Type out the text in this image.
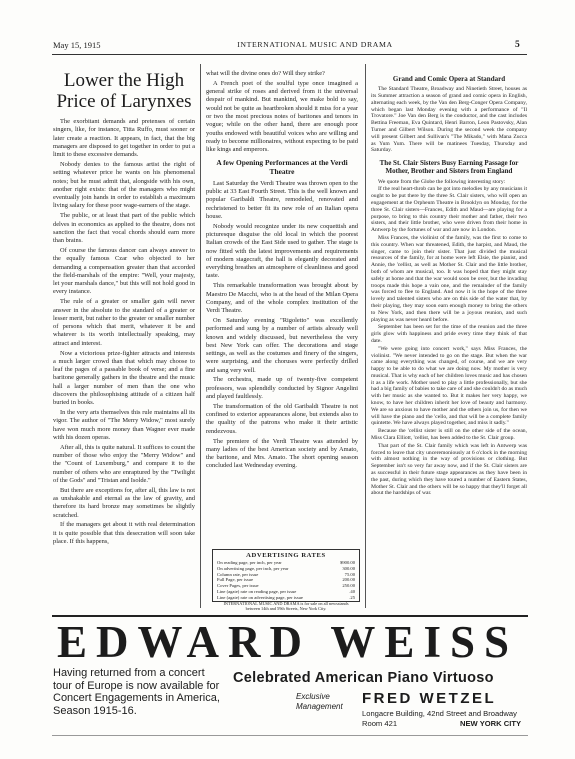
May 15, 1915	INTERNATIONAL MUSIC AND DRAMA	5
Lower the High Price of Larynxes

The exorbitant demands and pretenses of certain singers, like, for instance, Titta Ruffo, must sooner or later create a reaction. It appears, in fact, that the big managers are disposed to get together in order to put a limit to these excessive demands.

Nobody denies to the famous artist the right of setting whatever price he wants on his phenomenal notes; but he must admit that, alongside with his own, another right exists: that of the managers who might eventually join hands in order to establish a maximum living salary for these poor wage-earners of the stage.

The public, or at least that part of the public which delves in economics as applied to the theatre, does not sanction the fact that vocal chords should earn more than brains.

Of course the famous dancer can always answer to the equally famous Czar who objected to her demanding a compensation greater than that accorded the field-marshals of the empire: "Well, your majesty, let your marshals dance," but this will not hold good in every instance.

The rule of a greater or smaller gain will never answer in the absolute to the standard of a greater or lesser merit, but rather to the greater or smaller number of persons which that merit, whatever it be and whatever is its worth intellectually speaking, may attract and interest.

Now a victorious prize-fighter attracts and interests a much larger crowd than that which may choose to leaf the pages of a passable book of verse; and a fine baritone generally gathers in the theatre and the music hall a larger number of men than the one who discovers the philosophising attitude of a citizen half buried in books.

In the very arts themselves this rule maintains all its vigor. The author of "The Merry Widow," most surely have won much more money than Wagner ever made with his dozen operas.

After all, this is quite natural. It suffices to count the number of those who enjoy the "Merry Widow" and the "Count of Luxemburg," and compare it to the number of others who are enraptured by the "Twilight of the Gods" and "Tristan and Isolde."

But there are exceptions for, after all, this law is not as unshakable and eternal as the law of gravity, and therefore its hard bronze may sometimes be slightly scratched.

If the managers get about it with real determination it is quite possible that this desecration will soon take place. If this happens,

what will the divine ones do? Will they strike?

A French poet of the soulful type once imagined a general strike of roses and derived from it the universal despair of mankind. But mankind, we make bold to say, would not be quite as heartbroken should it miss for a year or two the most precious notes of baritones and tenors in vogue; while on the other hand, there are enough poor youths endowed with beautiful voices who are willing and ready to become millionaires, without expecting to be paid like kings and emperors.

A few Opening Performances at the Verdi Theatre

Last Saturday the Verdi Theatre was thrown open to the public at 33 East Fourth Street. This is the well known and popular Garibaldi Theatre, remodeled, renovated and rechristened to better fit its new role of an Italian opera house.

Nobody would recognize under its new coquettish and picturesque disguise the old local in which the poorest Italian crowds of the East Side used to gather. The stage is now fitted with the latest improvements and requirements of modern stagecraft, the hall is elegantly decorated and everything breathes an atmosphere of cleanliness and good taste.

This remarkable transformation was brought about by Maestro De Macchi, who is at the head of the Milan Opera Company, and of the whole complex institution of the Verdi Theatre.

On Saturday evening "Rigoletto" was excellently performed and sung by a number of artists already well known and widely discussed, but nevertheless the very best New York can offer. The decorations and stage settings, as well as the costumes and finery of the singers, were surprising, and the choruses were perfectly drilled and sang very well.

The orchestra, made up of twenty-five competent professors, was splendidly conducted by Signor Angelini and played faultlessly.

The transformation of the old Garibaldi Theatre is not confined to exterior appearances alone, but extends also to the quality of the patrons who make it their artistic rendezvous.

The premiere of the Verdi Theatre was attended by many ladies of the best American society and by Amato, the baritone, and Mrs. Amato. The short opening season concluded last Wednesday evening.

ADVERTISING RATES
On reading page, per inch, per year	$900.00
On advertising page, per inch, per year	300.00
Column rate, per issue	75.00
Full Page, per issue	200.00
Cover Pages, per issue	250.00
Line (agate) rate on reading page, per issue	.40
Line (agate) rate on advertising page, per issue	.25
INTERNATIONAL MUSIC AND DRAMA is for sale on all newsstands between 14th and 59th Streets, New York City.
Grand and Comic Opera at Standard

The Standard Theatre, Broadway and Ninetieth Street, houses as its Summer attraction a season of grand and comic opera in English, alternating each week, by the Van den Berg-Conger Opera Company, which began last Monday evening with a performance of "Il Trovatore." Joe Van den Berg is the conductor, and the cast includes Bettina Freeman, Eva Quintard, Henri Barron, Leon Pastovsky, Alan Turner and Gilbert Wilson. During the second week the company will present Gilbert and Sullivan's "The Mikado," with Mana Zucca as Yum Yum. There will be matinees Tuesday, Thursday and Saturday.

The St. Clair Sisters Busy Earning Passage for Mother, Brother and Sisters from England

We quote from the Globe the following interesting story:

If the real heart-throb can be got into melodies by any musicians it ought to be put there by the three St. Clair sisters, who will open an engagement at the Orpheum Theatre in Brooklyn on Monday, for the three St. Clair sisters—Frances, Edith and Maud—are playing for a purpose, to bring to this country their mother and father, their two sisters, and their little brother, who were driven from their home in Antwerp by the fortunes of war and are now in London.

Miss Frances, the violinist of the family, was the first to come to this country. When war threatened, Edith, the harpist, and Maud, the singer, came to join their sister. That just divided the musical resources of the family, for at home were left Elsie, the pianist, and Annie, the 'cellist, as well as Mother St. Clair and the little brother, both of whom are musical, too. It was hoped that they might stay safely at home and that the war would soon be over, but the invading troops made this hope a vain one, and the remainder of the family was forced to flee to England. And now it is the hope of the three lovely and talented sisters who are on this side of the water that, by their playing, they may soon earn enough money to bring the others to New York, and then there will be a joyous reunion, and such playing as was never heard before.

September has been set for the time of the reunion and the three girls glow with happiness and pride every time they think of that date.

"We were going into concert work," says Miss Frances, the violinist. "We never intended to go on the stage. But when the war came along everything was changed, of course, and we are very happy to be able to do what we are doing now. My mother is very musical. That is why each of her children loves music and has chosen it as a life work. Mother used to play a little professionally, but she had a big family of babies to take care of and she couldn't do as much with her music as she wanted to. But it makes her very happy, we know, to have her children inherit her love of beauty and harmony. We are so anxious to have mother and the others join us, for then we will have the piano and the 'cello, and that will be a complete family quintette. We have always played together, and miss it sadly."

Because the 'cellist sister is still on the other side of the ocean, Miss Clara Elliott, 'cellist, has been added to the St. Clair group.

That part of the St. Clair family which was left in Antwerp was forced to leave that city unceremoniously at 6 o'clock in the morning with almost nothing in the way of provisions or clothing. But September isn't so very far away now, and if the St. Clair sisters are as successful in their future stage appearances as they have been in the past, during which they have toured a number of Eastern States, Mother St. Clair and the others will be so happy that they'll forget all about the hardships of war.

EDWARD WEISS
Having returned from a concert tour of Europe is now available for Concert Engagements in America, Season 1915-16.
Celebrated American Piano Virtuoso
Exclusive Management	FRED WETZEL
Longacre Building, 42nd Street and Broadway
Room 421	NEW YORK CITY
